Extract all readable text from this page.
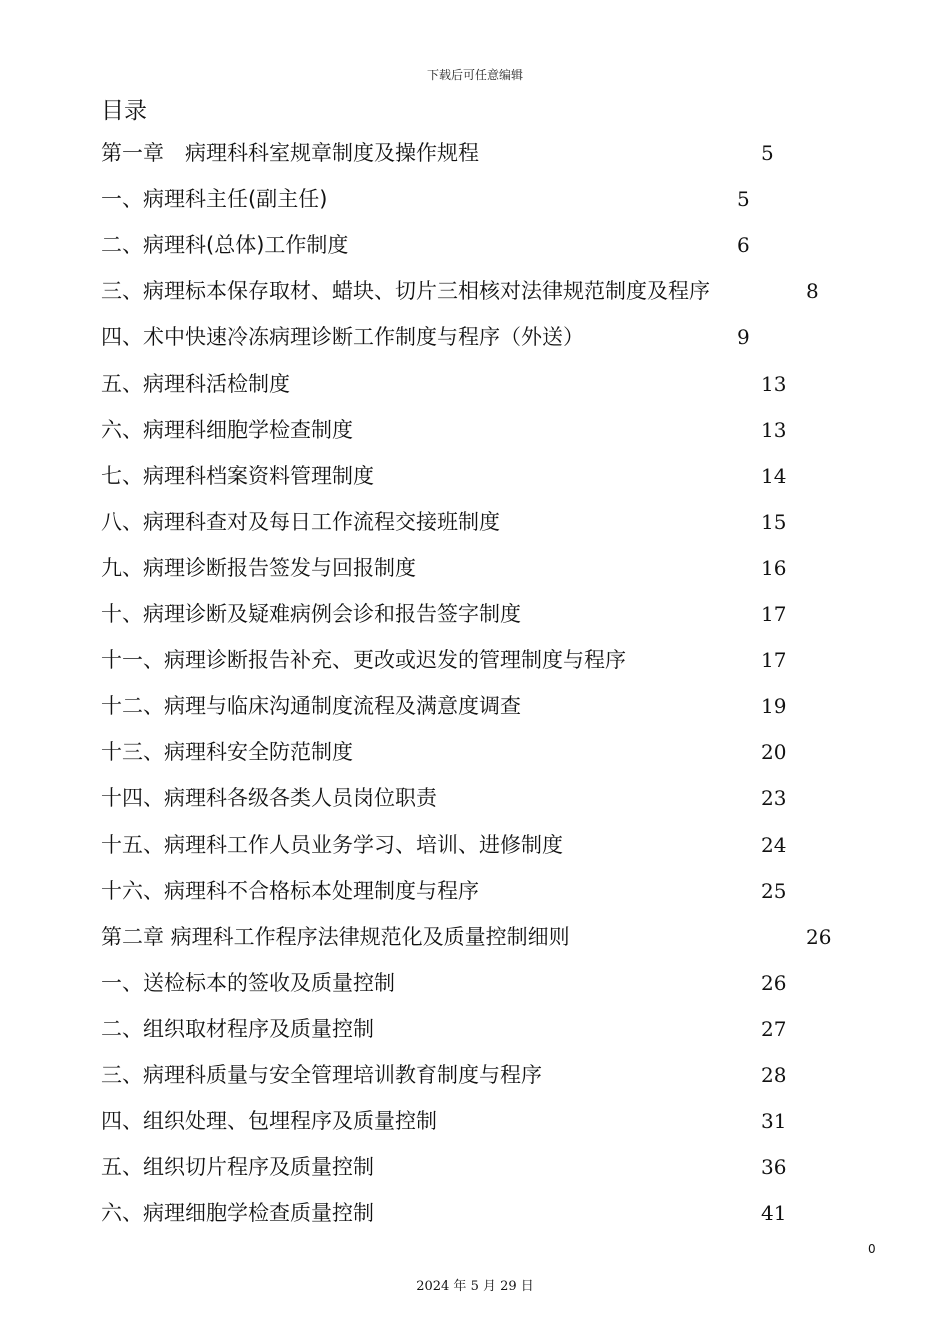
下载后可任意编辑
目录
第一章　病理科科室规章制度及操作规程	5
一、病理科主任(副主任)	5
二、病理科(总体)工作制度	6
三、病理标本保存取材、蜡块、切片三相核对法律规范制度及程序	8
四、术中快速冷冻病理诊断工作制度与程序（外送）	9
五、病理科活检制度	13
六、病理科细胞学检查制度	13
七、病理科档案资料管理制度	14
八、病理科查对及每日工作流程交接班制度	15
九、病理诊断报告签发与回报制度	16
十、病理诊断及疑难病例会诊和报告签字制度	17
十一、病理诊断报告补充、更改或迟发的管理制度与程序	17
十二、病理与临床沟通制度流程及满意度调查	19
十三、病理科安全防范制度	20
十四、病理科各级各类人员岗位职责	23
十五、病理科工作人员业务学习、培训、进修制度	24
十六、病理科不合格标本处理制度与程序	25
第二章 病理科工作程序法律规范化及质量控制细则	26
一、送检标本的签收及质量控制	26
二、组织取材程序及质量控制	27
三、病理科质量与安全管理培训教育制度与程序	28
四、组织处理、包埋程序及质量控制	31
五、组织切片程序及质量控制	36
六、病理细胞学检查质量控制	41
0
2024 年 5 月 29 日
